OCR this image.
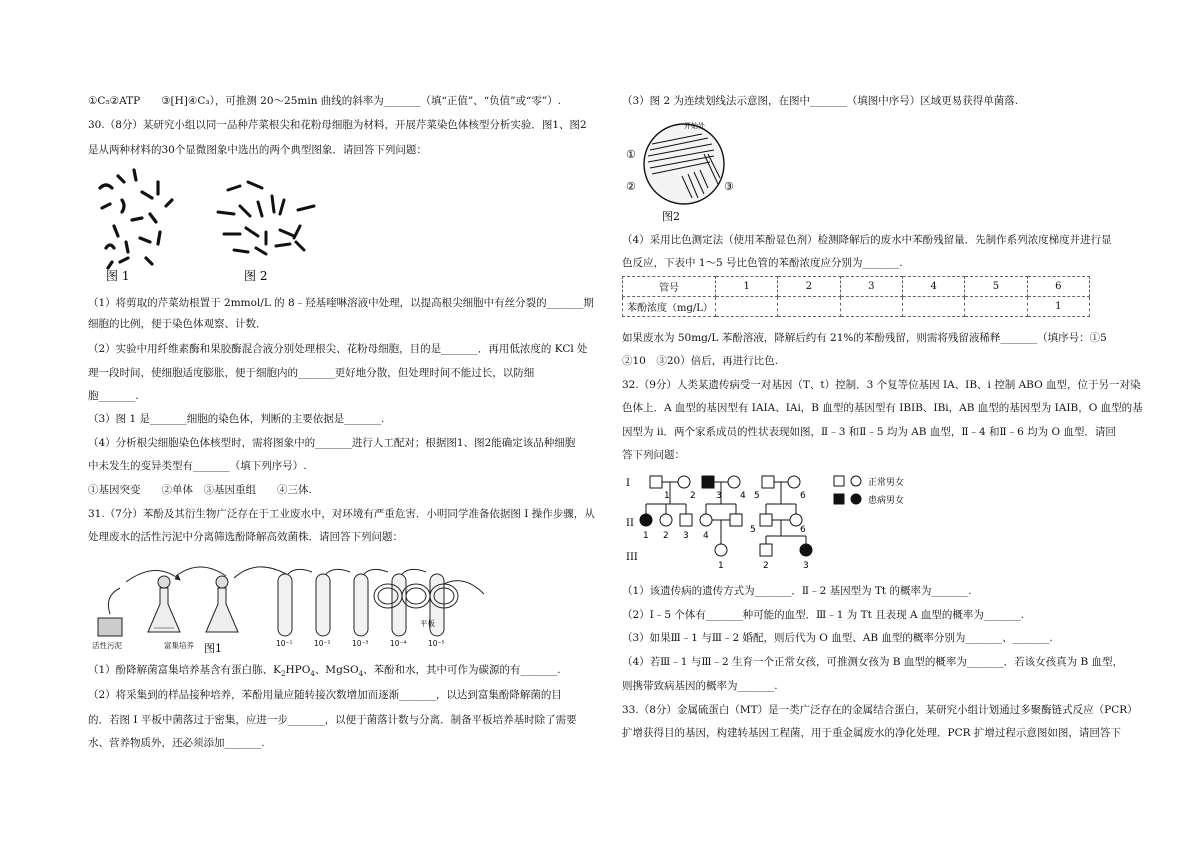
①C₅②ATP　　③[H]④C₃），可推测 20～25min 曲线的斜率为_______（填“正值”、“负值”或“零”）.
30.（8分）某研究小组以同一品种芹菜根尖和花粉母细胞为材料，开展芹菜染色体核型分析实验．图1、图2
是从两种材料的30个显微图象中选出的两个典型图象．请回答下列问题：
图 1	图 2
（1）将剪取的芹菜幼根置于 2mmol/L 的 8﹣羟基喹啉溶液中处理，以提高根尖细胞中有丝分裂的_______期
细胞的比例，便于染色体观察、计数．
（2）实验中用纤维素酶和果胶酶混合液分别处理根尖、花粉母细胞，目的是_______．再用低浓度的 KCl 处
理一段时间，使细胞适度膨胀，便于细胞内的_______更好地分散，但处理时间不能过长，以防细
胞_______.
（3）图 1 是_______细胞的染色体，判断的主要依据是_______.
（4）分析根尖细胞染色体核型时，需将图象中的_______进行人工配对；根据图1、图2能确定该品种细胞
中未发生的变异类型有_______（填下列序号）.
①基因突变　　②单体　③基因重组　　④三体.
31.（7分）苯酚及其衍生物广泛存在于工业废水中，对环境有严重危害．小明同学准备依据图 I 操作步骤，从
处理废水的活性污泥中分离筛选酚降解高效菌株．请回答下列问题：
活性污泥	富集培养
平板
10⁻¹	10⁻²	10⁻³	10⁻⁴	10⁻⁵
图1
（1）酚降解菌富集培养基含有蛋白胨、$K_2HPO_4$、MgSO$_4$、苯酚和水，其中可作为碳源的有_______.
（2）将采集到的样品接种培养，苯酚用量应随转接次数增加而逐渐_______，以达到富集酚降解菌的目
的．若图 I 平板中菌落过于密集，应进一步_______，以便于菌落计数与分离．制备平板培养基时除了需要
水、营养物质外，还必须添加_______.
（3）图 2 为连续划线法示意图，在图中_______（填图中序号）区域更易获得单菌落.
开始处
①
②	③
图2
（4）采用比色测定法（使用苯酚显色剂）检测降解后的废水中苯酚残留量．先制作系列浓度梯度并进行显
色反应，下表中 1～5 号比色管的苯酚浓度应分别为_______.
管号	1	2	3	4	5	6
苯酚浓度（mg/L）						1
如果废水为 50mg/L 苯酚溶液，降解后约有 21%的苯酚残留，则需将残留液稀释_______（填序号：①5
②10　③20）倍后，再进行比色.
32.（9分）人类某遗传病受一对基因（T、t）控制．3 个复等位基因 IA、IB、i 控制 ABO 血型，位于另一对染
色体上．A 血型的基因型有 IAIA、IAi，B 血型的基因型有 IBIB、IBi，AB 血型的基因型为 IAIB，O 血型的基
因型为 ii．两个家系成员的性状表现如图，Ⅱ﹣3 和Ⅱ﹣5 均为 AB 血型，Ⅱ﹣4 和Ⅱ﹣6 均为 O 血型．请回
答下列问题：
I
II
III
正常男女
患病男女
1 2 3 4 5	6
1 2 3 4
5	6
1	2	3
（1）该遗传病的遗传方式为_______．Ⅱ﹣2 基因型为 Tt 的概率为_______.
（2）Ⅰ﹣5 个体有_______种可能的血型．Ⅲ﹣1 为 Tt 且表现 A 血型的概率为_______.
（3）如果Ⅲ﹣1 与Ⅲ﹣2 婚配，则后代为 O 血型、AB 血型的概率分别为_______、_______.
（4）若Ⅲ﹣1 与Ⅲ﹣2 生育一个正常女孩，可推测女孩为 B 血型的概率为_______．若该女孩真为 B 血型，
则携带致病基因的概率为_______.
33.（8分）金属硫蛋白（MT）是一类广泛存在的金属结合蛋白，某研究小组计划通过多聚酶链式反应（PCR）
扩增获得目的基因，构建转基因工程菌，用于重金属废水的净化处理．PCR 扩增过程示意图如图，请回答下
